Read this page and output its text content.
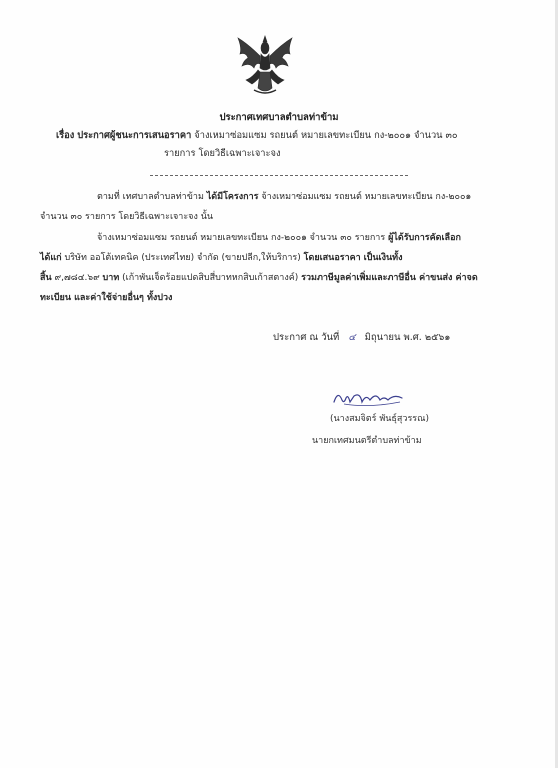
ประกาศเทศบาลตำบลท่าข้าม
เรื่อง ประกาศผู้ชนะการเสนอราคา จ้างเหมาซ่อมแซม รถยนต์ หมายเลขทะเบียน กง-๒๐๐๑ จำนวน ๓๐
รายการ โดยวิธีเฉพาะเจาะจง
ตามที่ เทศบาลตำบลท่าข้าม ได้มีโครงการ จ้างเหมาซ่อมแซม รถยนต์ หมายเลขทะเบียน กง-๒๐๐๑
จำนวน ๓๐ รายการ โดยวิธีเฉพาะเจาะจง นั้น
จ้างเหมาซ่อมแซม รถยนต์ หมายเลขทะเบียน กง-๒๐๐๑ จำนวน ๓๐ รายการ ผู้ได้รับการคัดเลือก
ได้แก่ บริษัท ออโต้เทคนิค (ประเทศไทย) จำกัด (ขายปลีก,ให้บริการ) โดยเสนอราคา เป็นเงินทั้ง
สิ้น ๙,๗๘๔.๖๙ บาท (เก้าพันเจ็ดร้อยแปดสิบสี่บาทหกสิบเก้าสตางค์) รวมภาษีมูลค่าเพิ่มและภาษีอื่น ค่าขนส่ง ค่าจด
ทะเบียน และค่าใช้จ่ายอื่นๆ ทั้งปวง
ประกาศ ณ วันที่ ๔ มิถุนายน พ.ศ. ๒๕๖๑
(นางสมจิตร์ พันธุ์สุวรรณ)
นายกเทศมนตรีตำบลท่าข้าม
